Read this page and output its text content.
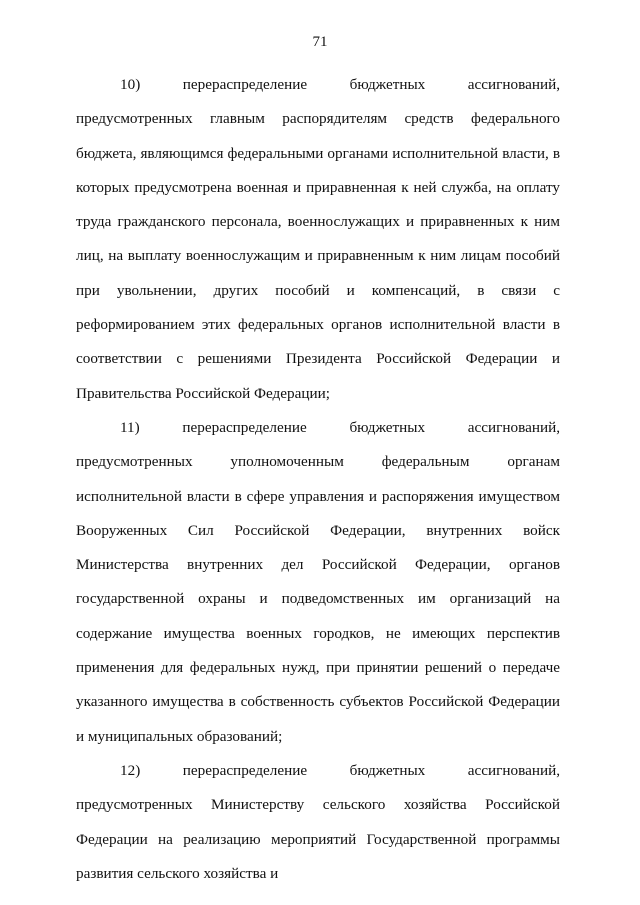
71

10) перераспределение бюджетных ассигнований, предусмотренных главным распорядителям средств федерального бюджета, являющимся федеральными органами исполнительной власти, в которых предусмотрена военная и приравненная к ней служба, на оплату труда гражданского персонала, военнослужащих и приравненных к ним лиц, на выплату военнослужащим и приравненным к ним лицам пособий при увольнении, других пособий и компенсаций, в связи с реформированием этих федеральных органов исполнительной власти в соответствии с решениями Президента Российской Федерации и Правительства Российской Федерации;

11) перераспределение бюджетных ассигнований, предусмотренных уполномоченным федеральным органам исполнительной власти в сфере управления и распоряжения имуществом Вооруженных Сил Российской Федерации, внутренних войск Министерства внутренних дел Российской Федерации, органов государственной охраны и подведомственных им организаций на содержание имущества военных городков, не имеющих перспектив применения для федеральных нужд, при принятии решений о передаче указанного имущества в собственность субъектов Российской Федерации и муниципальных образований;

12) перераспределение бюджетных ассигнований, предусмотренных Министерству сельского хозяйства Российской Федерации на реализацию мероприятий Государственной программы развития сельского хозяйства и
